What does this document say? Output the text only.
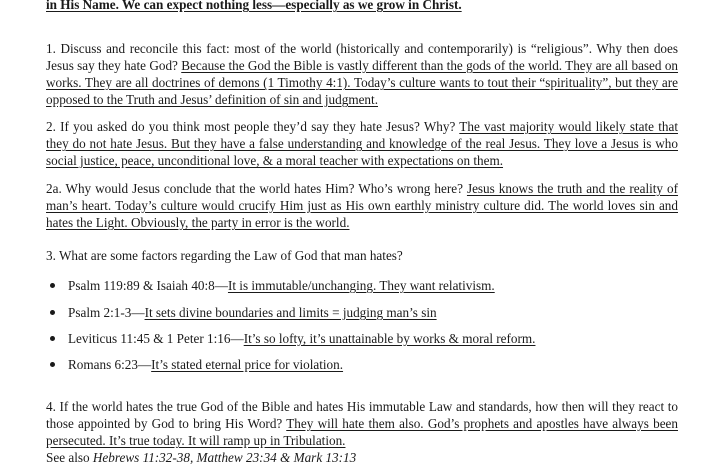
in His Name. We can expect nothing less—especially as we grow in Christ.
1. Discuss and reconcile this fact: most of the world (historically and contemporarily) is “religious”. Why then does Jesus say they hate God? Because the God the Bible is vastly different than the gods of the world. They are all based on works. They are all doctrines of demons (1 Timothy 4:1). Today’s culture wants to tout their “spirituality”, but they are opposed to the Truth and Jesus’ definition of sin and judgment.
2. If you asked do you think most people they’d say they hate Jesus? Why? The vast majority would likely state that they do not hate Jesus. But they have a false understanding and knowledge of the real Jesus. They love a Jesus is who social justice, peace, unconditional love, & a moral teacher with expectations on them.
2a. Why would Jesus conclude that the world hates Him? Who’s wrong here? Jesus knows the truth and the reality of man’s heart. Today’s culture would crucify Him just as His own earthly ministry culture did. The world loves sin and hates the Light. Obviously, the party in error is the world.
3. What are some factors regarding the Law of God that man hates?
Psalm 119:89 & Isaiah 40:8—It is immutable/unchanging. They want relativism.
Psalm 2:1-3—It sets divine boundaries and limits = judging man’s sin
Leviticus 11:45 & 1 Peter 1:16—It’s so lofty, it’s unattainable by works & moral reform.
Romans 6:23—It’s stated eternal price for violation.
4. If the world hates the true God of the Bible and hates His immutable Law and standards, how then will they react to those appointed by God to bring His Word? They will hate them also. God’s prophets and apostles have always been persecuted. It’s true today. It will ramp up in Tribulation.
See also Hebrews 11:32-38, Matthew 23:34 & Mark 13:13
